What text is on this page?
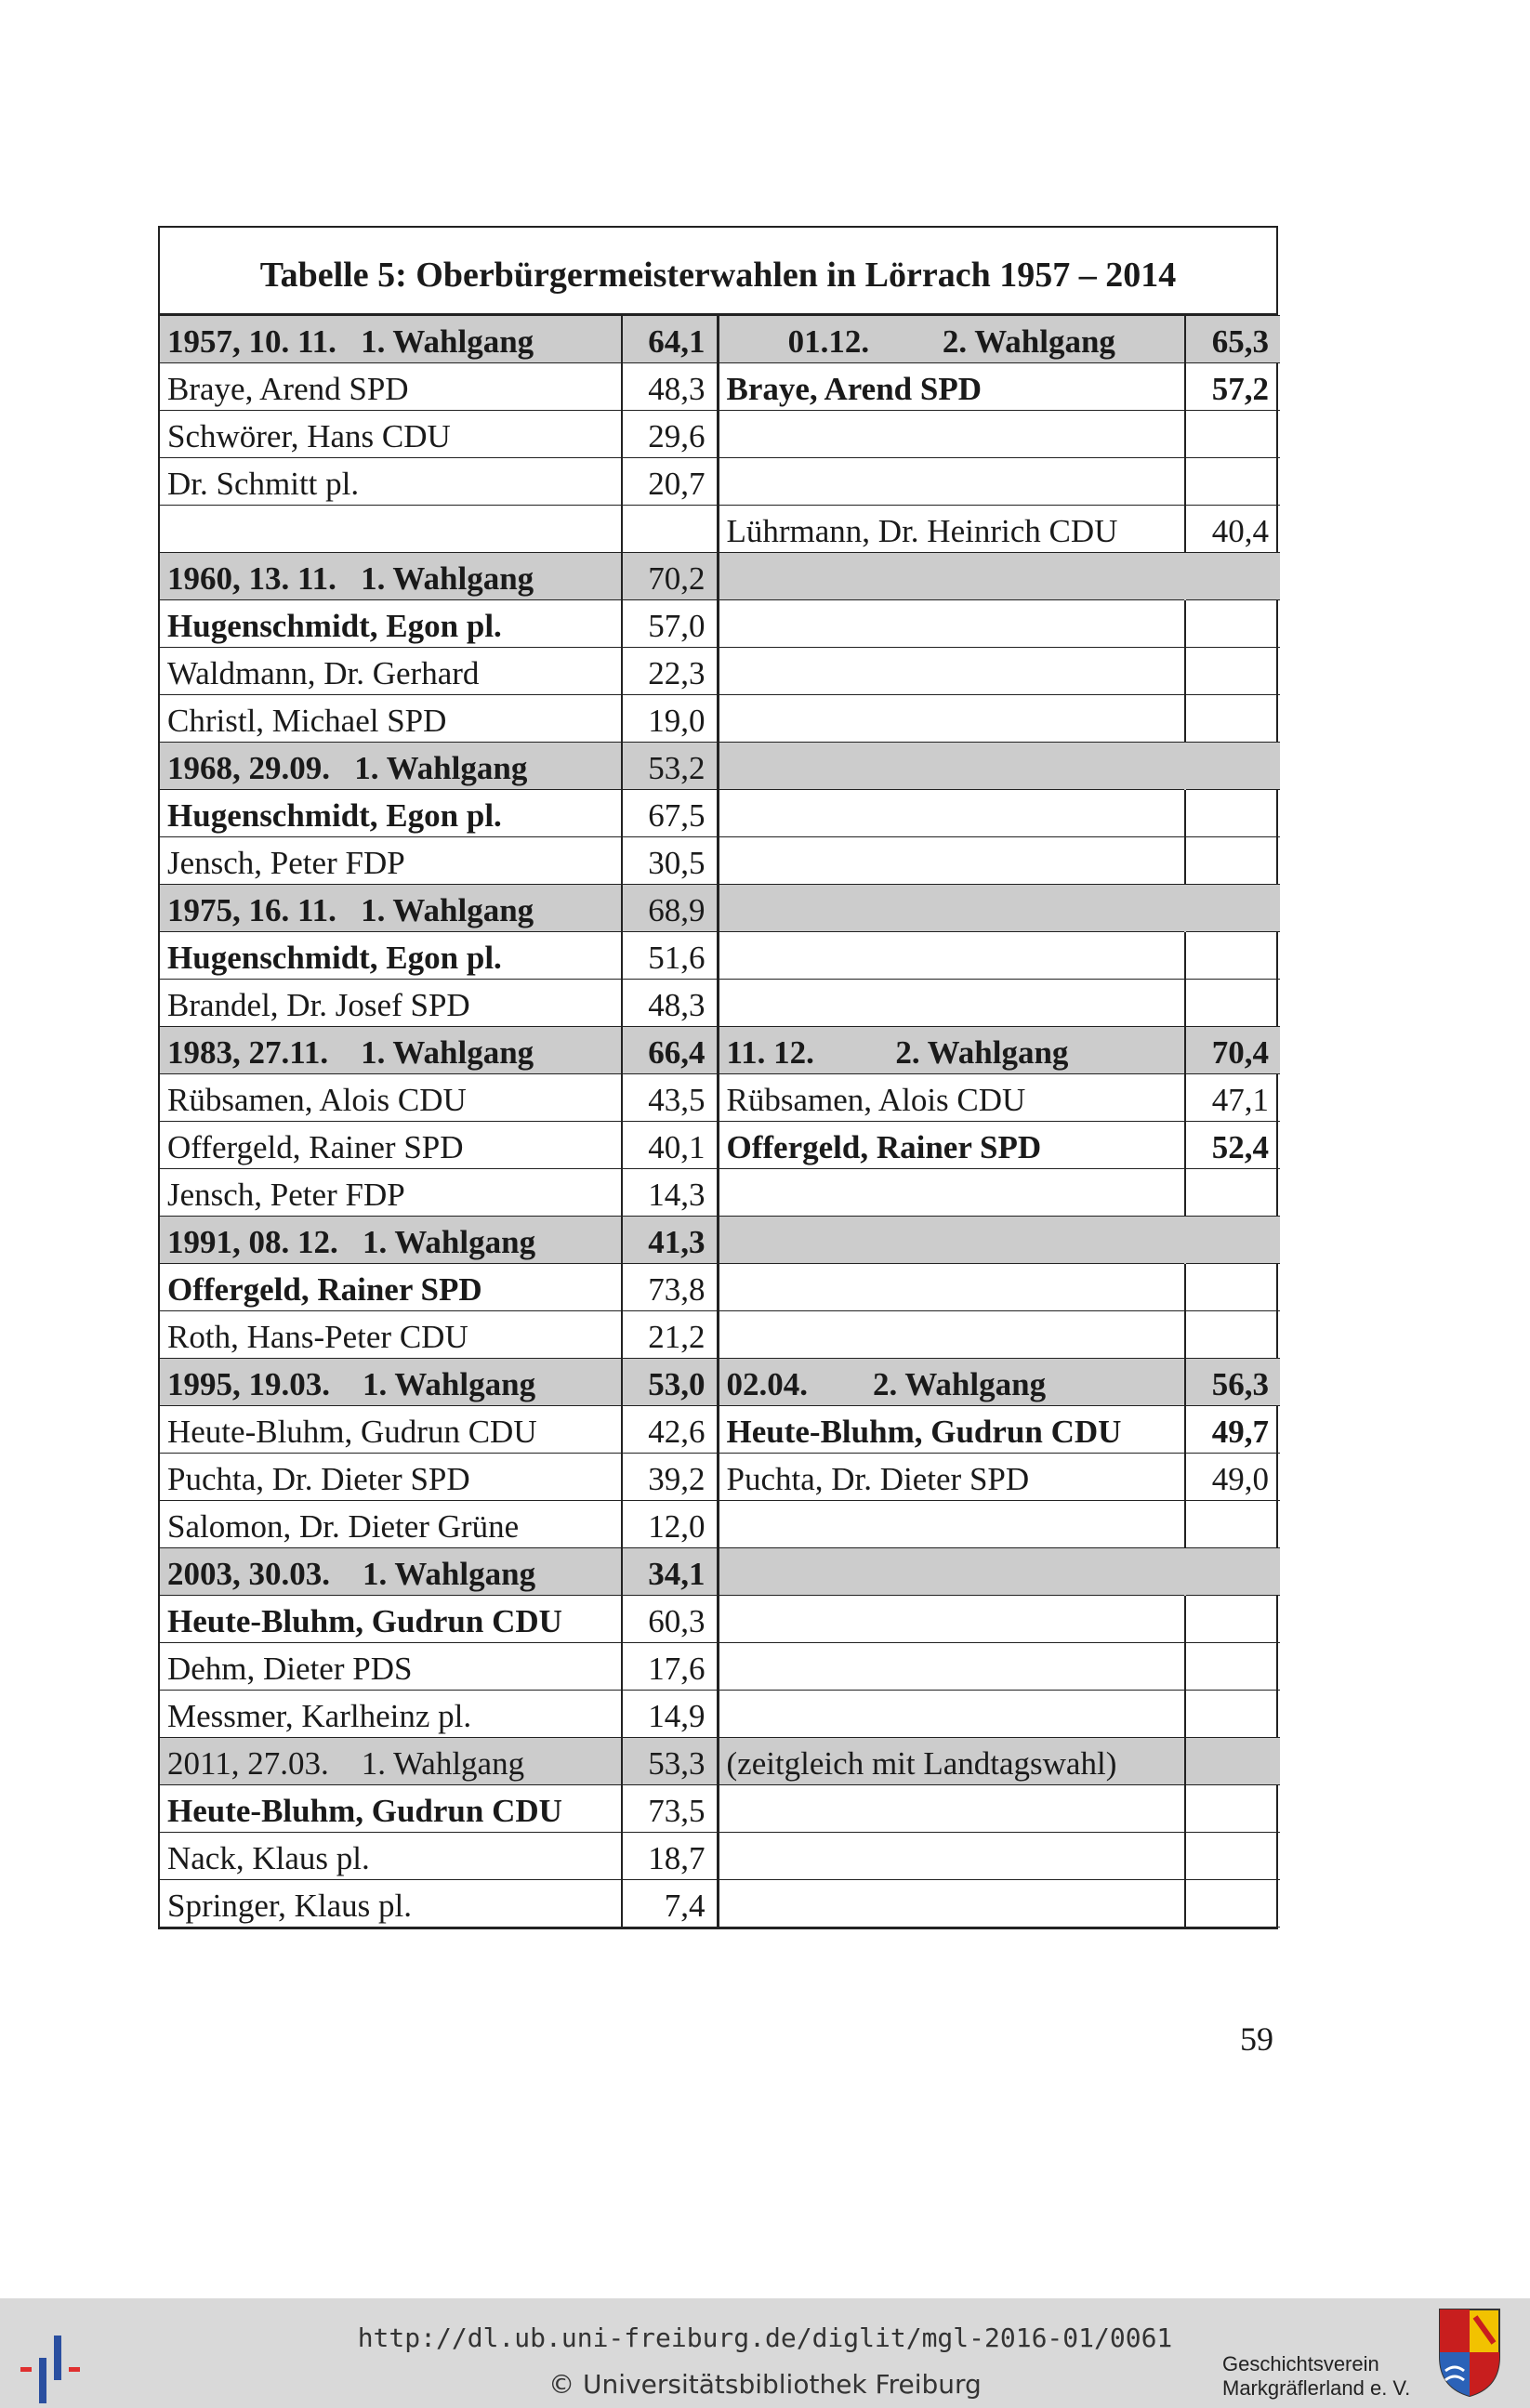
Tabelle 5: Oberbürgermeisterwahlen in Lörrach 1957 – 2014
1957, 10. 11.   1. Wahlgang	64,1	01.12.         2. Wahlgang	65,3
Braye, Arend SPD	48,3	Braye, Arend SPD	57,2
Schwörer, Hans CDU	29,6		
Dr. Schmitt pl.	20,7		
		Lührmann, Dr. Heinrich CDU	40,4
1960, 13. 11.   1. Wahlgang	70,2		
Hugenschmidt, Egon pl.	57,0		
Waldmann, Dr. Gerhard	22,3		
Christl, Michael SPD	19,0		
1968, 29.09.   1. Wahlgang	53,2		
Hugenschmidt, Egon pl.	67,5		
Jensch, Peter FDP	30,5		
1975, 16. 11.   1. Wahlgang	68,9		
Hugenschmidt, Egon pl.	51,6		
Brandel, Dr. Josef SPD	48,3		
1983, 27.11.    1. Wahlgang	66,4	11. 12.          2. Wahlgang	70,4
Rübsamen, Alois CDU	43,5	Rübsamen, Alois CDU	47,1
Offergeld, Rainer SPD	40,1	Offergeld, Rainer SPD	52,4
Jensch, Peter FDP	14,3		
1991, 08. 12.   1. Wahlgang	41,3		
Offergeld, Rainer SPD	73,8		
Roth, Hans-Peter CDU	21,2		
1995, 19.03.    1. Wahlgang	53,0	02.04.        2. Wahlgang	56,3
Heute-Bluhm, Gudrun CDU	42,6	Heute-Bluhm, Gudrun CDU	49,7
Puchta, Dr. Dieter SPD	39,2	Puchta, Dr. Dieter SPD	49,0
Salomon, Dr. Dieter Grüne	12,0		
2003, 30.03.    1. Wahlgang	34,1		
Heute-Bluhm, Gudrun CDU	60,3		
Dehm, Dieter PDS	17,6		
Messmer, Karlheinz pl.	14,9		
2011, 27.03.    1. Wahlgang	53,3	(zeitgleich mit Landtagswahl)	
Heute-Bluhm, Gudrun CDU	73,5		
Nack, Klaus pl.	18,7		
Springer, Klaus pl.	7,4		
59
http://dl.ub.uni-freiburg.de/diglit/mgl-2016-01/0061
© Universitätsbibliothek Freiburg
Geschichtsverein
Markgräflerland e. V.
